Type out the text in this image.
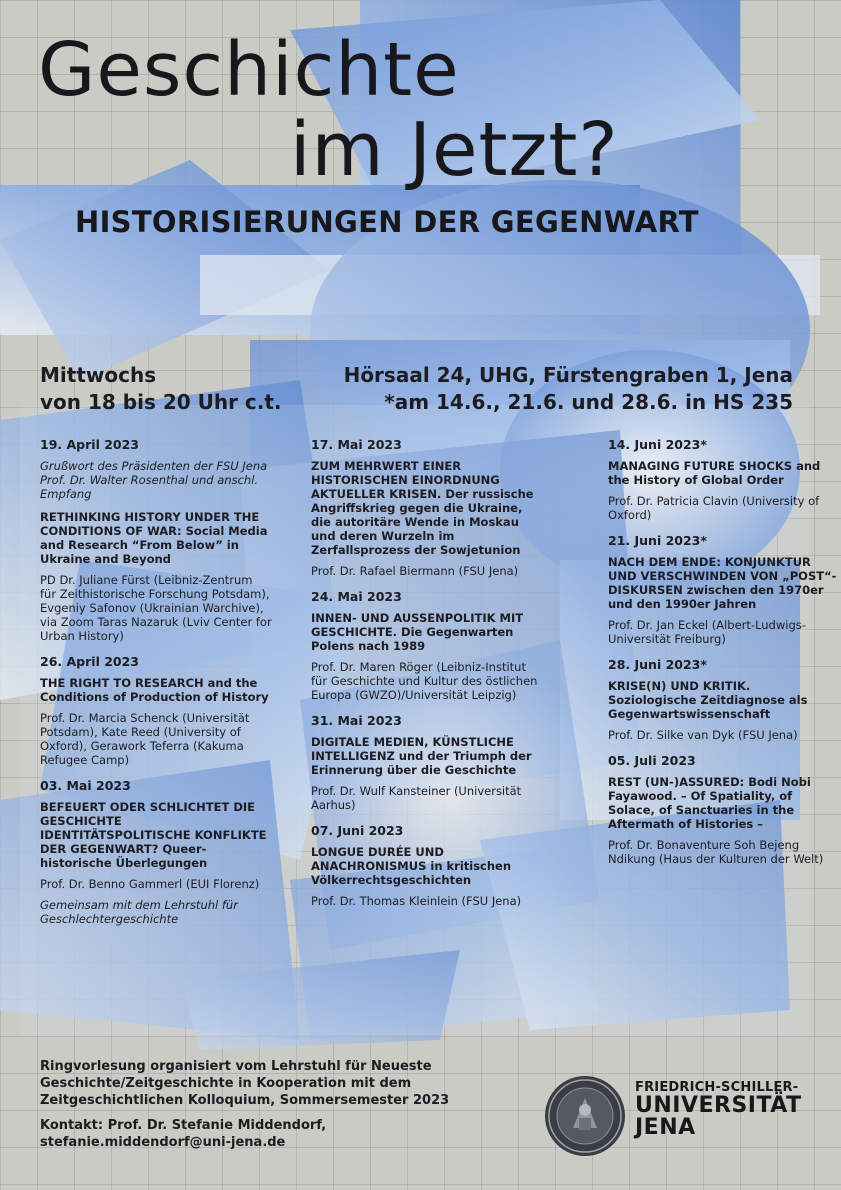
Geschichte
im Jetzt?
HISTORISIERUNGEN DER GEGENWART
Mittwochs
von 18 bis 20 Uhr c.t.
Hörsaal 24, UHG, Fürstengraben 1, Jena
*am 14.6., 21.6. und 28.6. in HS 235
19. April 2023
Grußwort des Präsidenten der FSU Jena Prof. Dr. Walter Rosenthal und anschl. Empfang
RETHINKING HISTORY UNDER THE CONDITIONS OF WAR: Social Media and Research “From Below” in Ukraine and Beyond
PD Dr. Juliane Fürst (Leibniz-Zentrum für Zeithistorische Forschung Potsdam), Evgeniy Safonov (Ukrainian Warchive), via Zoom Taras Nazaruk (Lviv Center for Urban History)
26. April 2023
THE RIGHT TO RESEARCH and the Conditions of Production of History
Prof. Dr. Marcia Schenck (Universität Potsdam), Kate Reed (University of Oxford), Gerawork Teferra (Kakuma Refugee Camp)
03. Mai 2023
BEFEUERT ODER SCHLICHTET DIE GESCHICHTE IDENTITÄTSPOLITISCHE KONFLIKTE DER GEGENWART? Queer-historische Überlegungen
Prof. Dr. Benno Gammerl (EUI Florenz)
Gemeinsam mit dem Lehrstuhl für Geschlechtergeschichte
17. Mai 2023
ZUM MEHRWERT EINER HISTORISCHEN EINORDNUNG AKTUELLER KRISEN. Der russische Angriffskrieg gegen die Ukraine, die autoritäre Wende in Moskau und deren Wurzeln im Zerfallsprozess der Sowjetunion
Prof. Dr. Rafael Biermann (FSU Jena)
24. Mai 2023
INNEN- UND AUSSENPOLITIK MIT GESCHICHTE. Die Gegenwarten Polens nach 1989
Prof. Dr. Maren Röger (Leibniz-Institut für Geschichte und Kultur des östlichen Europa (GWZO)/Universität Leipzig)
31. Mai 2023
DIGITALE MEDIEN, KÜNSTLICHE INTELLIGENZ und der Triumph der Erinnerung über die Geschichte
Prof. Dr. Wulf Kansteiner (Universität Aarhus)
07. Juni 2023
LONGUE DURÉE UND ANACHRONISMUS in kritischen Völkerrechtsgeschichten
Prof. Dr. Thomas Kleinlein (FSU Jena)
14. Juni 2023*
MANAGING FUTURE SHOCKS and the History of Global Order
Prof. Dr. Patricia Clavin (University of Oxford)
21. Juni 2023*
NACH DEM ENDE: KONJUNKTUR UND VERSCHWINDEN VON „POST“-DISKURSEN zwischen den 1970er und den 1990er Jahren
Prof. Dr. Jan Eckel (Albert-Ludwigs-Universität Freiburg)
28. Juni 2023*
KRISE(N) UND KRITIK. Soziologische Zeitdiagnose als Gegenwartswissenschaft
Prof. Dr. Silke van Dyk (FSU Jena)
05. Juli 2023
REST (UN-)ASSURED: Bodi Nobi Fayawood. – Of Spatiality, of Solace, of Sanctuaries in the Aftermath of Histories –
Prof. Dr. Bonaventure Soh Bejeng Ndikung (Haus der Kulturen der Welt)
Ringvorlesung organisiert vom Lehrstuhl für Neueste Geschichte/Zeitgeschichte in Kooperation mit dem Zeitgeschichtlichen Kolloquium, Sommersemester 2023
Kontakt: Prof. Dr. Stefanie Middendorf, stefanie.middendorf@uni-jena.de
FRIEDRICH-SCHILLER-
UNIVERSITÄT
JENA
